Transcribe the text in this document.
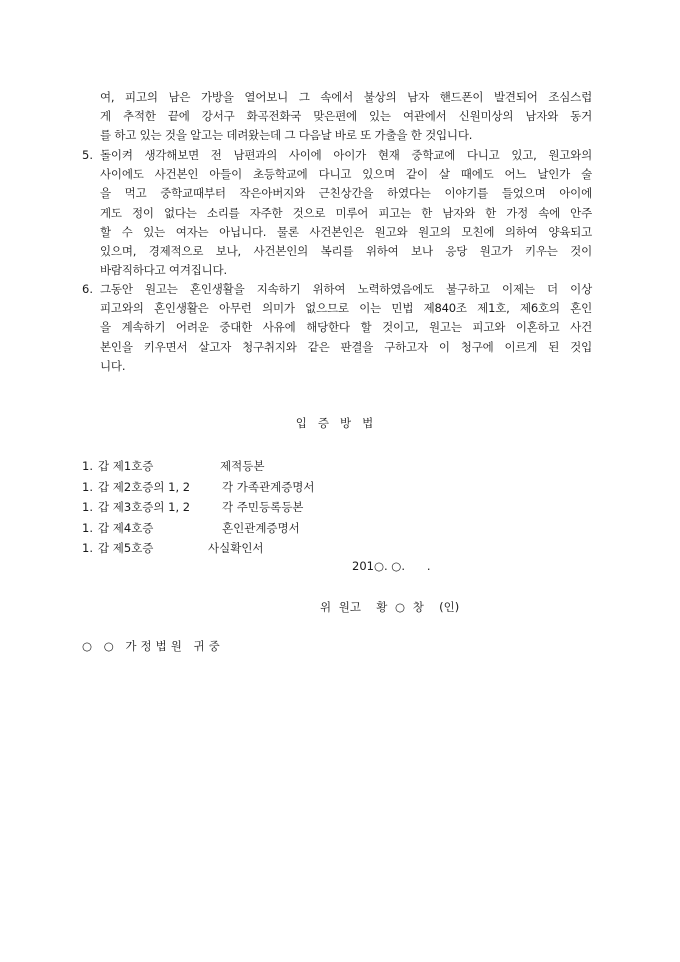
여, 피고의 남은 가방을 열어보니 그 속에서 불상의 남자 핸드폰이 발견되어 조심스럽
게 추적한 끝에 강서구 화곡전화국 맞은편에 있는 여관에서 신원미상의 남자와 동거
를 하고 있는 것을 알고는 데려왔는데 그 다음날 바로 또 가출을 한 것입니다.
5. 돌이켜 생각해보면 전 남편과의 사이에 아이가 현재 중학교에 다니고 있고, 원고와의
사이에도 사건본인 아들이 초등학교에 다니고 있으며 같이 살 때에도 어느 날인가 술
을 먹고 중학교때부터 작은아버지와 근친상간을 하였다는 이야기를 들었으며 아이에
게도 정이 없다는 소리를 자주한 것으로 미루어 피고는 한 남자와 한 가정 속에 안주
할 수 있는 여자는 아닙니다. 물론 사건본인은 원고와 원고의 모친에 의하여 양육되고
있으며, 경제적으로 보나, 사건본인의 복리를 위하여 보나 응당 원고가 키우는 것이
바람직하다고 여겨집니다.
6. 그동안 원고는 혼인생활을 지속하기 위하여 노력하였음에도 불구하고 이제는 더 이상
피고와의 혼인생활은 아무런 의미가 없으므로 이는 민법 제840조 제1호, 제6호의 혼인
을 계속하기 어려운 중대한 사유에 해당한다 할 것이고, 원고는 피고와 이혼하고 사건
본인을 키우면서 살고자 청구취지와 같은 판결을 구하고자 이 청구에 이르게 된 것입
니다.
입증방법
1. 갑 제1호증	제적등본
1. 갑 제2호증의 1, 2	각 가족관계증명서
1. 갑 제3호증의 1, 2	각 주민등록등본
1. 갑 제4호증	혼인관계증명서
1. 갑 제5호증	사실확인서
201○. ○.      .
위 원고  황 ○ 창  (인)
○ ○ 가정법원 귀중
